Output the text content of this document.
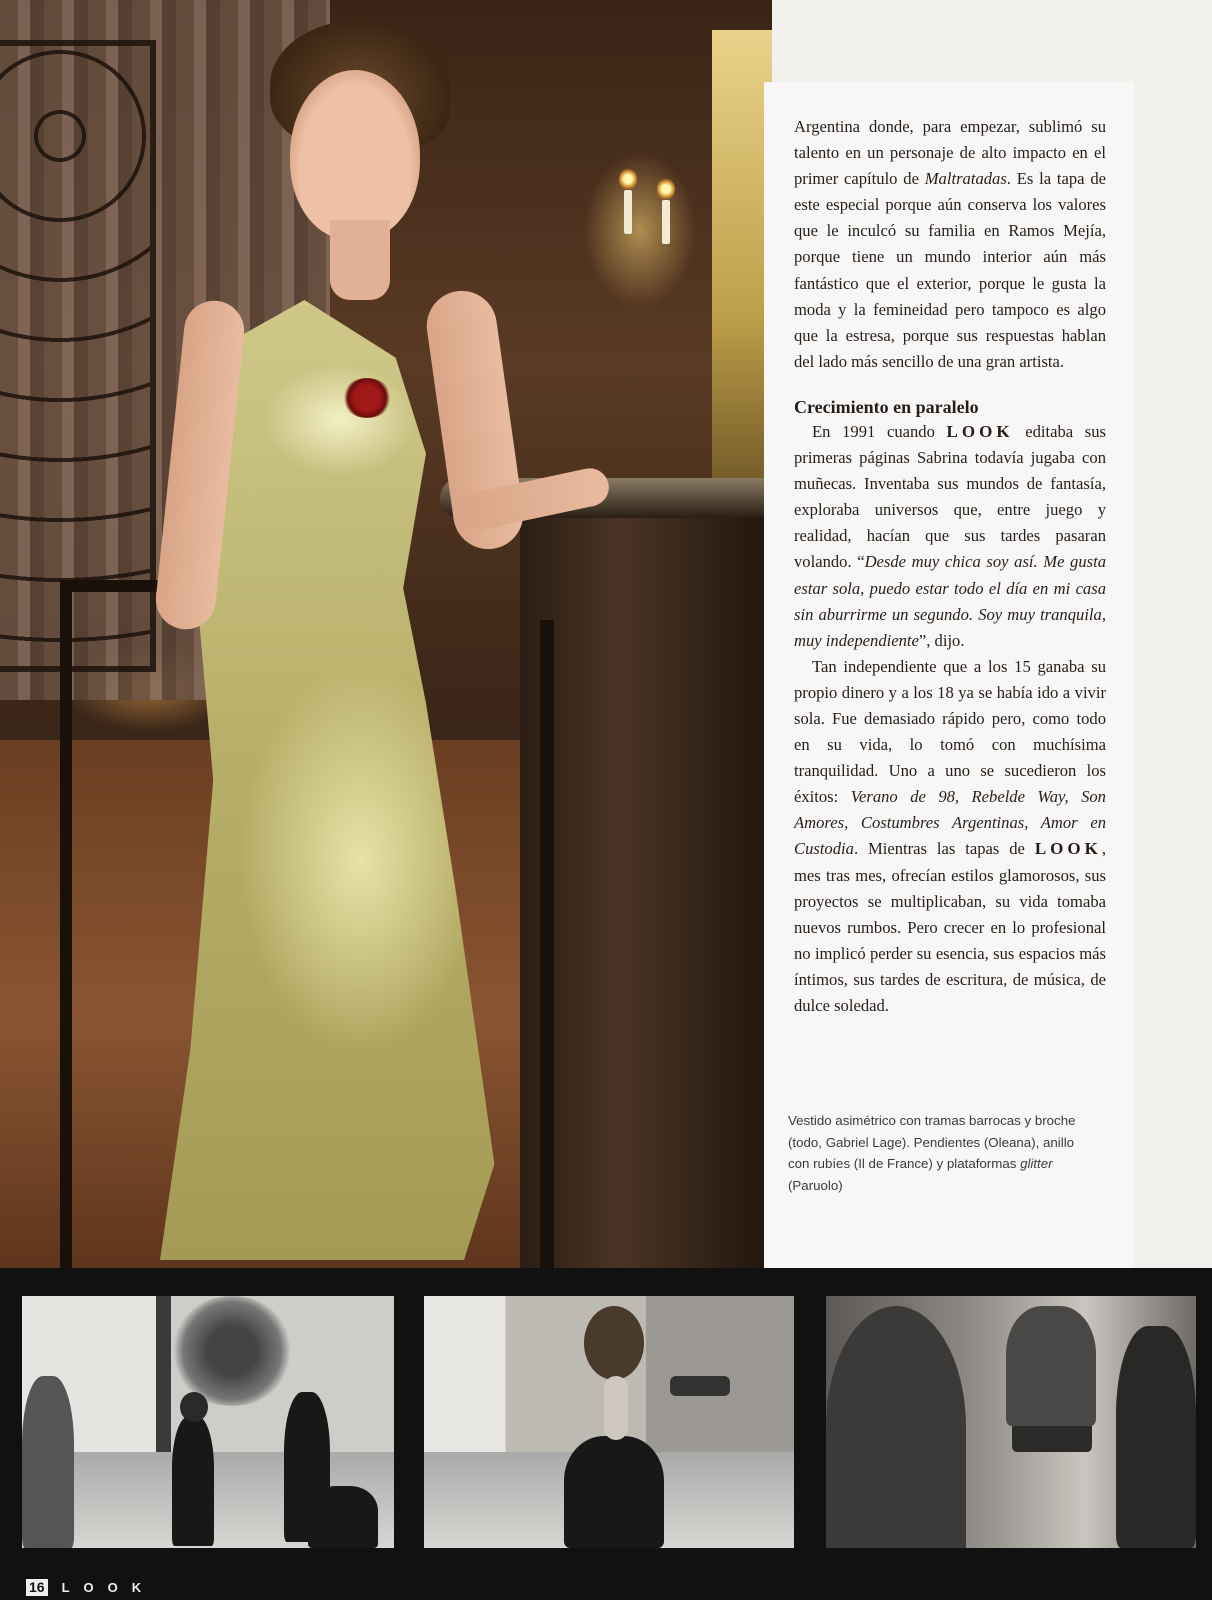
Argentina donde, para empezar, sublimó su talento en un personaje de alto impacto en el primer capítulo de Maltratadas. Es la tapa de este especial porque aún conserva los valores que le inculcó su familia en Ramos Mejía, porque tiene un mundo interior aún más fantástico que el exterior, porque le gusta la moda y la femineidad pero tampoco es algo que la estresa, porque sus respuestas hablan del lado más sencillo de una gran artista.

Crecimiento en paralelo

En 1991 cuando LOOK editaba sus primeras páginas Sabrina todavía jugaba con muñecas. Inventaba sus mundos de fantasía, exploraba universos que, entre juego y realidad, hacían que sus tardes pasaran volando. “Desde muy chica soy así. Me gusta estar sola, puedo estar todo el día en mi casa sin aburrirme un segundo. Soy muy tranquila, muy independiente”, dijo.

Tan independiente que a los 15 ganaba su propio dinero y a los 18 ya se había ido a vivir sola. Fue demasiado rápido pero, como todo en su vida, lo tomó con muchísima tranquilidad. Uno a uno se sucedieron los éxitos: Verano de 98, Rebelde Way, Son Amores, Costumbres Argentinas, Amor en Custodia. Mientras las tapas de LOOK, mes tras mes, ofrecían estilos glamorosos, sus proyectos se multiplicaban, su vida tomaba nuevos rumbos. Pero crecer en lo profesional no implicó perder su esencia, sus espacios más íntimos, sus tardes de escritura, de música, de dulce soledad.

Vestido asimétrico con tramas barrocas y broche (todo, Gabriel Lage). Pendientes (Oleana), anillo con rubíes (Il de France) y plataformas glitter (Paruolo)
16 LOOK
